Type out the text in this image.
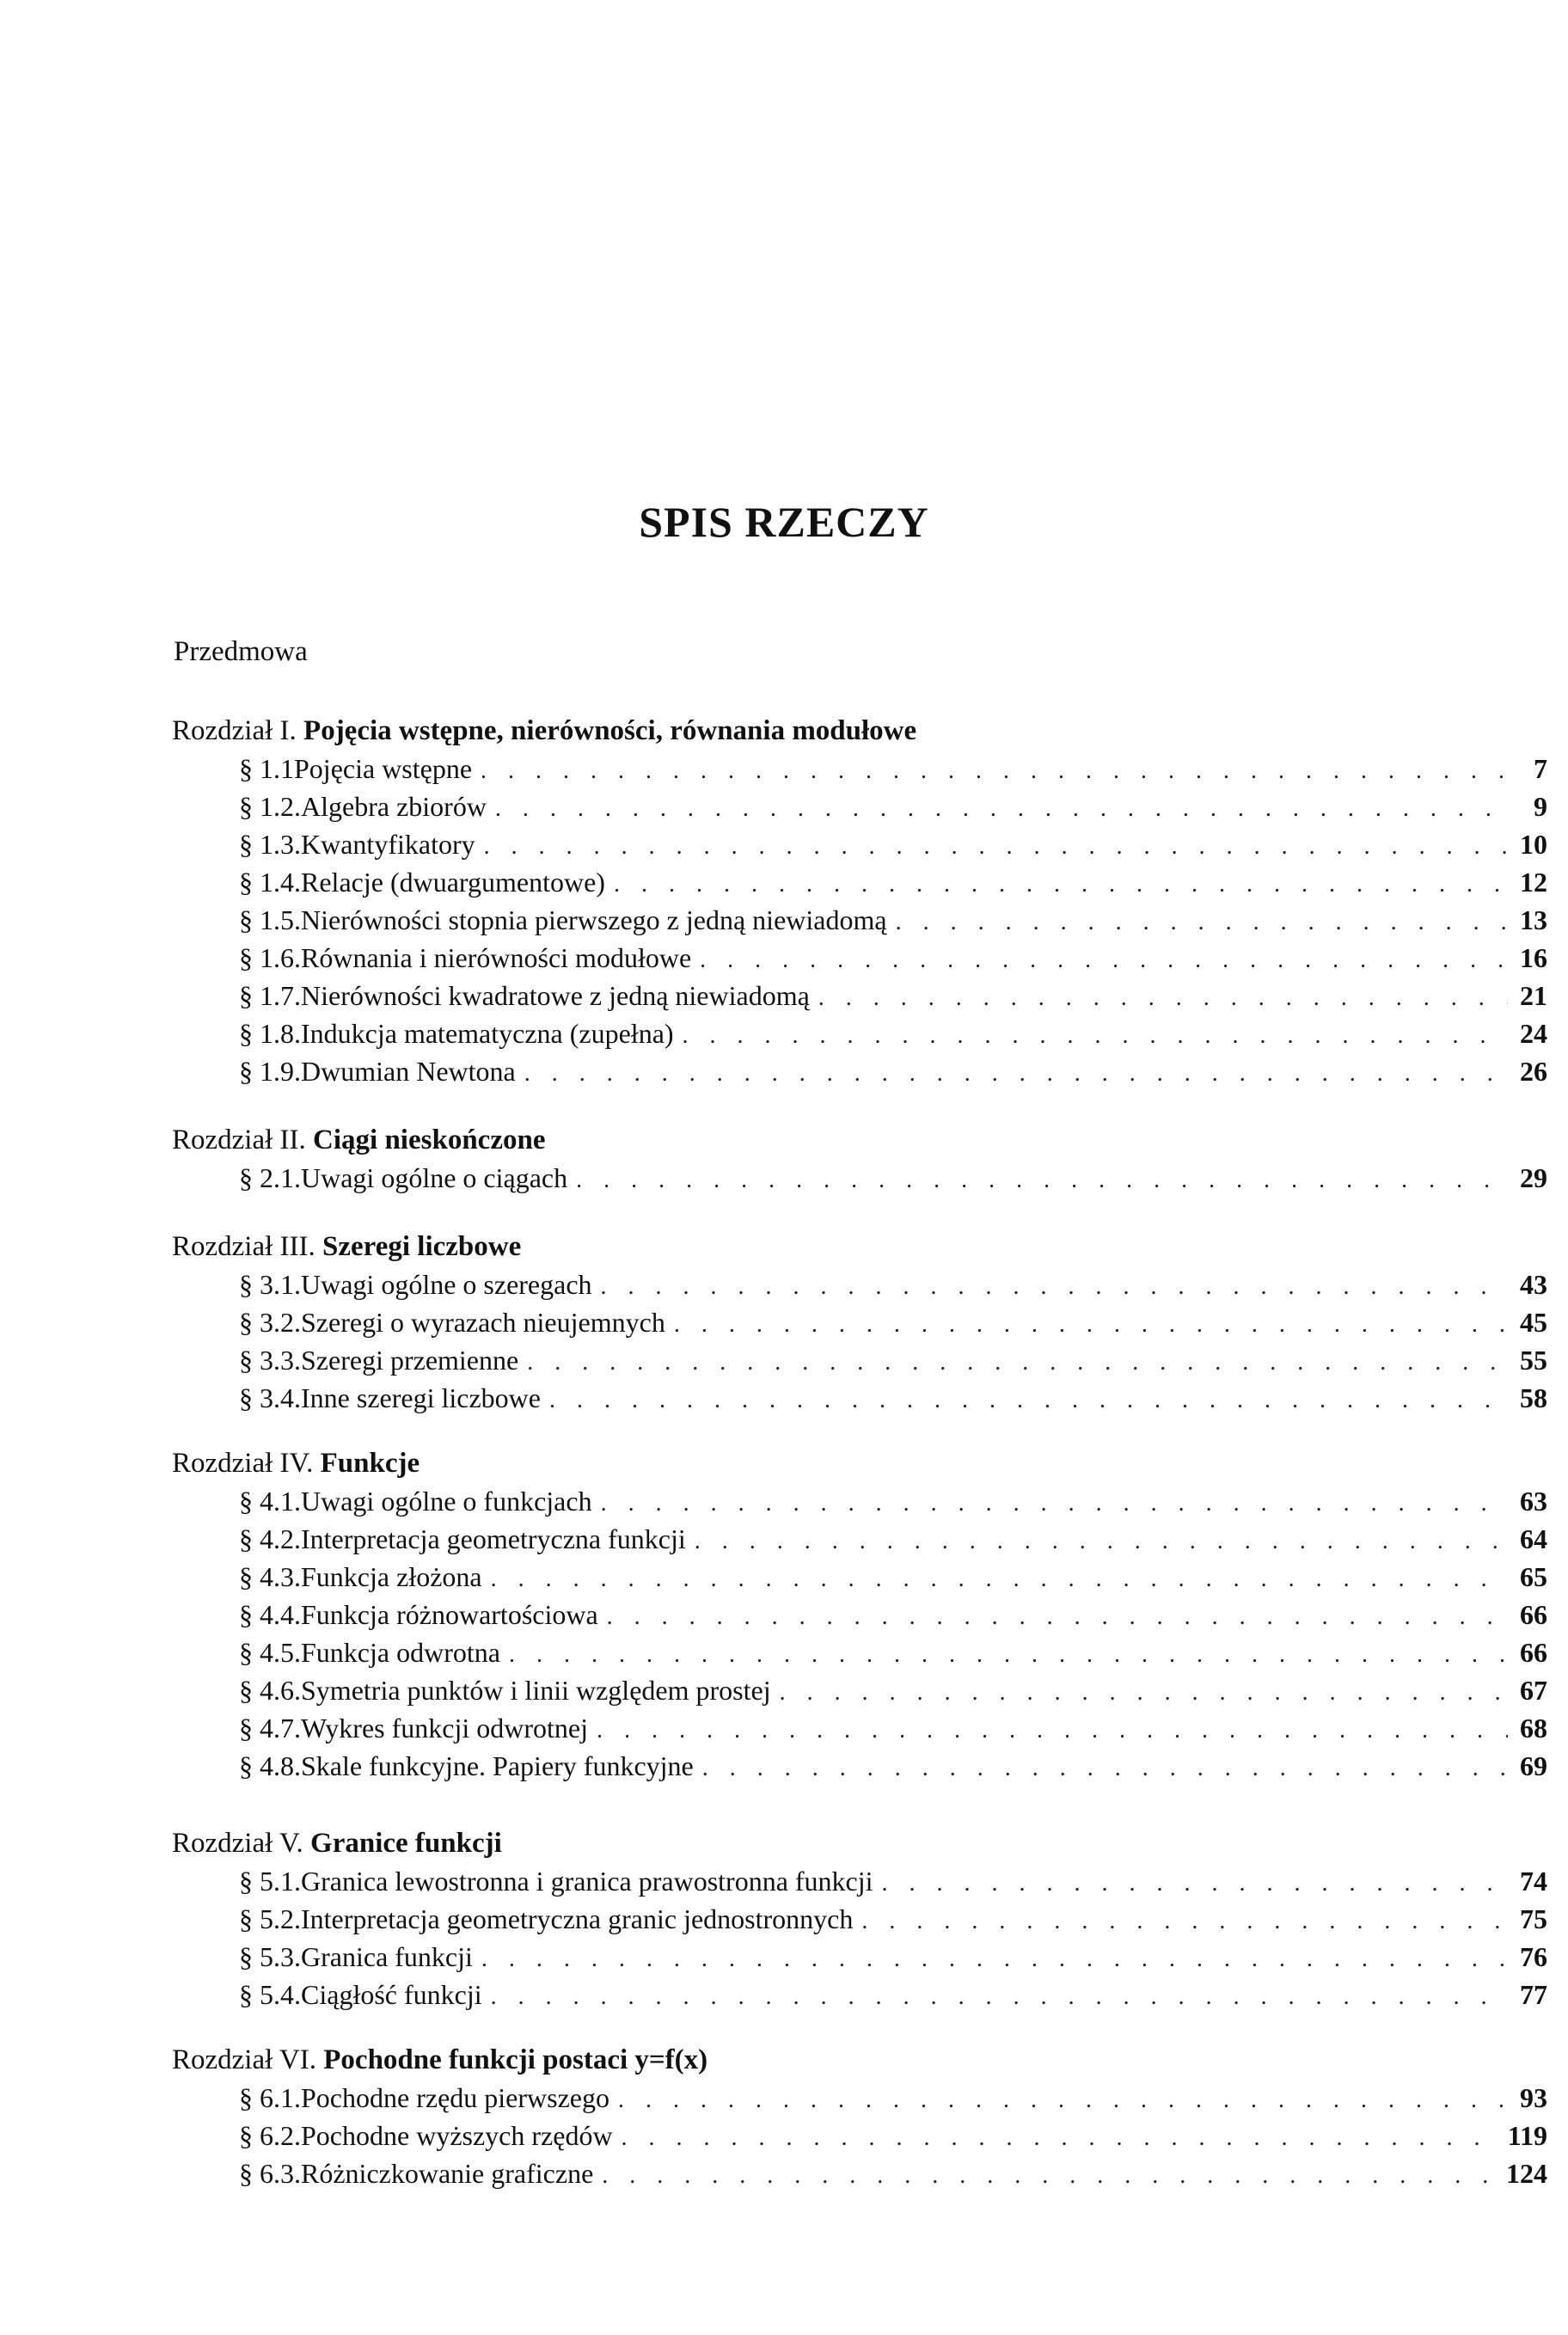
SPIS RZECZY
Przedmowa
Rozdział I. Pojęcia wstępne, nierówności, równania modułowe
§ 1.1 Pojęcia wstępne . . .	7
§ 1.2. Algebra zbiorów . . .	9
§ 1.3. Kwantyfikatory . . .	10
§ 1.4. Relacje (dwuargumentowe) . . .	12
§ 1.5. Nierówności stopnia pierwszego z jedną niewiadomą . . .	13
§ 1.6. Równania i nierówności modułowe . . .	16
§ 1.7. Nierówności kwadratowe z jedną niewiadomą . . .	21
§ 1.8. Indukcja matematyczna (zupełna) . . .	24
§ 1.9. Dwumian Newtona . . .	26
Rozdział II. Ciągi nieskończone
§ 2.1. Uwagi ogólne o ciągach . . .	29
Rozdział III. Szeregi liczbowe
§ 3.1. Uwagi ogólne o szeregach . . .	43
§ 3.2. Szeregi o wyrazach nieujemnych . . .	45
§ 3.3. Szeregi przemienne . . .	55
§ 3.4. Inne szeregi liczbowe . . .	58
Rozdział IV. Funkcje
§ 4.1. Uwagi ogólne o funkcjach . . .	63
§ 4.2. Interpretacja geometryczna funkcji . . .	64
§ 4.3. Funkcja złożona . . .	65
§ 4.4. Funkcja różnowartościowa . . .	66
§ 4.5. Funkcja odwrotna . . .	66
§ 4.6. Symetria punktów i linii względem prostej . . .	67
§ 4.7. Wykres funkcji odwrotnej . . .	68
§ 4.8. Skale funkcyjne. Papiery funkcyjne . . .	69
Rozdział V. Granice funkcji
§ 5.1. Granica lewostronna i granica prawostronna funkcji . . .	74
§ 5.2. Interpretacja geometryczna granic jednostronnych . . .	75
§ 5.3. Granica funkcji . . .	76
§ 5.4. Ciągłość funkcji . . .	77
Rozdział VI. Pochodne funkcji postaci y=f(x)
§ 6.1. Pochodne rzędu pierwszego . . .	93
§ 6.2. Pochodne wyższych rzędów . . .	119
§ 6.3. Różniczkowanie graficzne . . .	124
